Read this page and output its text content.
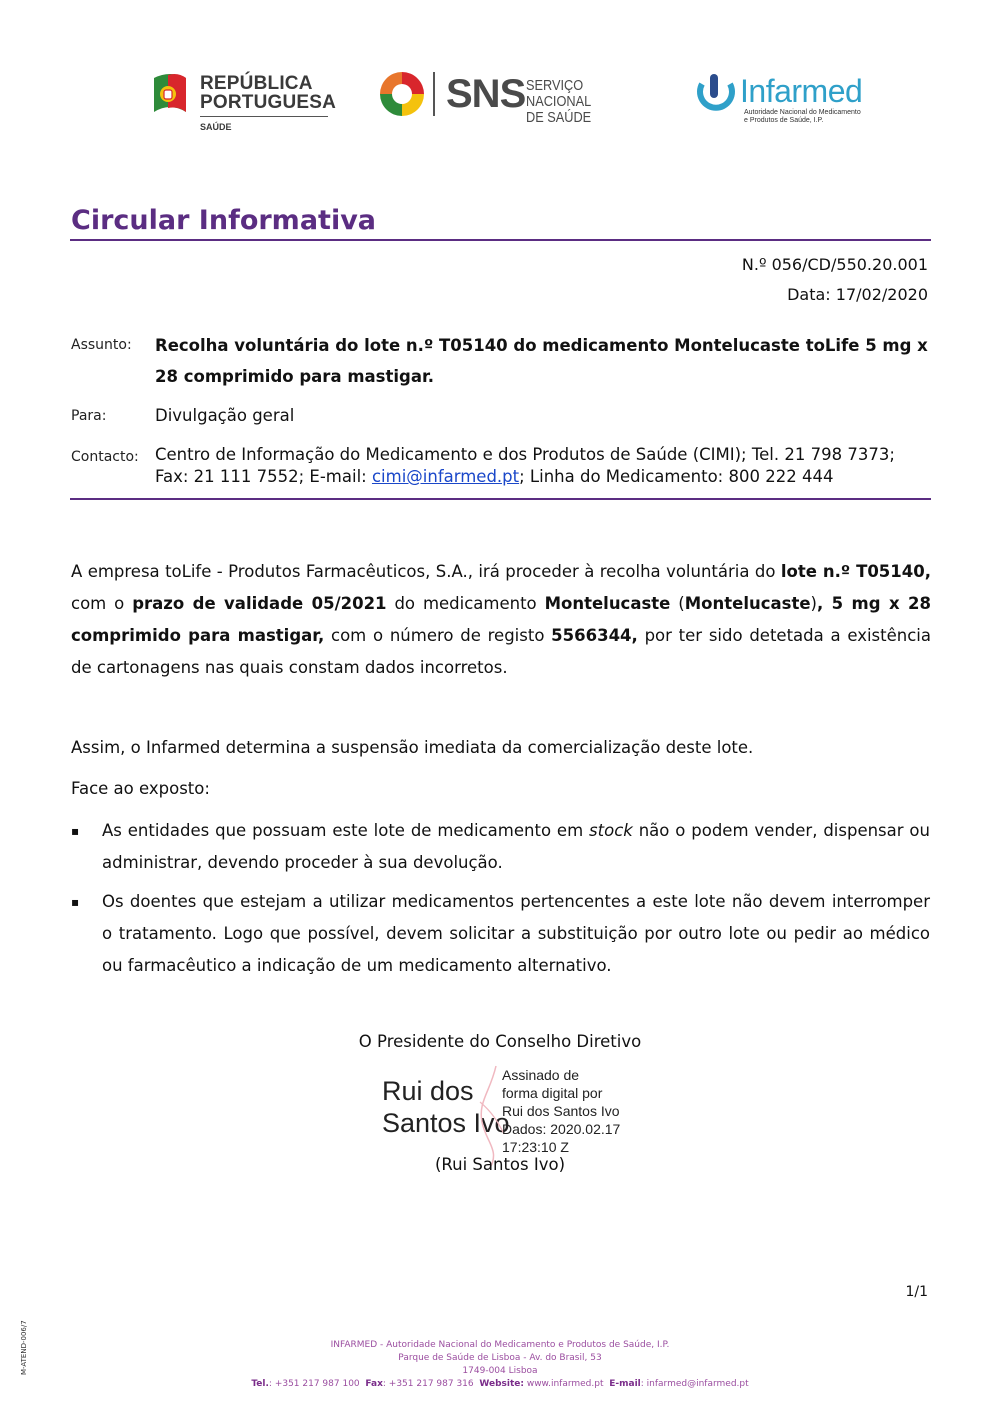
REPÚBLICA
PORTUGUESA
SAÚDE
SNS SERVIÇO NACIONAL
DE SAÚDE
Infarmed
Autoridade Nacional do Medicamento
e Produtos de Saúde, I.P.
Circular Informativa
N.º 056/CD/550.20.001
Data: 17/02/2020
Assunto: Recolha voluntária do lote n.º T05140 do medicamento Montelucaste toLife 5 mg x 28 comprimido para mastigar.
Para:	Divulgação geral
Contacto: Centro de Informação do Medicamento e dos Produtos de Saúde (CIMI); Tel. 21 798 7373; Fax: 21 111 7552; E-mail: cimi@infarmed.pt; Linha do Medicamento: 800 222 444
A empresa toLife - Produtos Farmacêuticos, S.A., irá proceder à recolha voluntária do lote n.º T05140, com o prazo de validade 05/2021 do medicamento Montelucaste (Montelucaste), 5 mg x 28 comprimido para mastigar, com o número de registo 5566344, por ter sido detetada a existência de cartonagens nas quais constam dados incorretos.
Assim, o Infarmed determina a suspensão imediata da comercialização deste lote.
Face ao exposto:
▪	As entidades que possuam este lote de medicamento em stock não o podem vender, dispensar ou administrar, devendo proceder à sua devolução.
▪	Os doentes que estejam a utilizar medicamentos pertencentes a este lote não devem interromper o tratamento. Logo que possível, devem solicitar a substituição por outro lote ou pedir ao médico ou farmacêutico a indicação de um medicamento alternativo.
O Presidente do Conselho Diretivo
Rui dos
Santos Ivo
Assinado de
forma digital por
Rui dos Santos Ivo
Dados: 2020.02.17
17:23:10 Z
(Rui Santos Ivo)
1/1
M-ATEND-006/7	INFARMED - Autoridade Nacional do Medicamento e Produtos de Saúde, I.P.
Parque de Saúde de Lisboa - Av. do Brasil, 53
1749-004 Lisboa
Tel.: +351 217 987 100 Fax: +351 217 987 316 Website: www.infarmed.pt E-mail: infarmed@infarmed.pt
